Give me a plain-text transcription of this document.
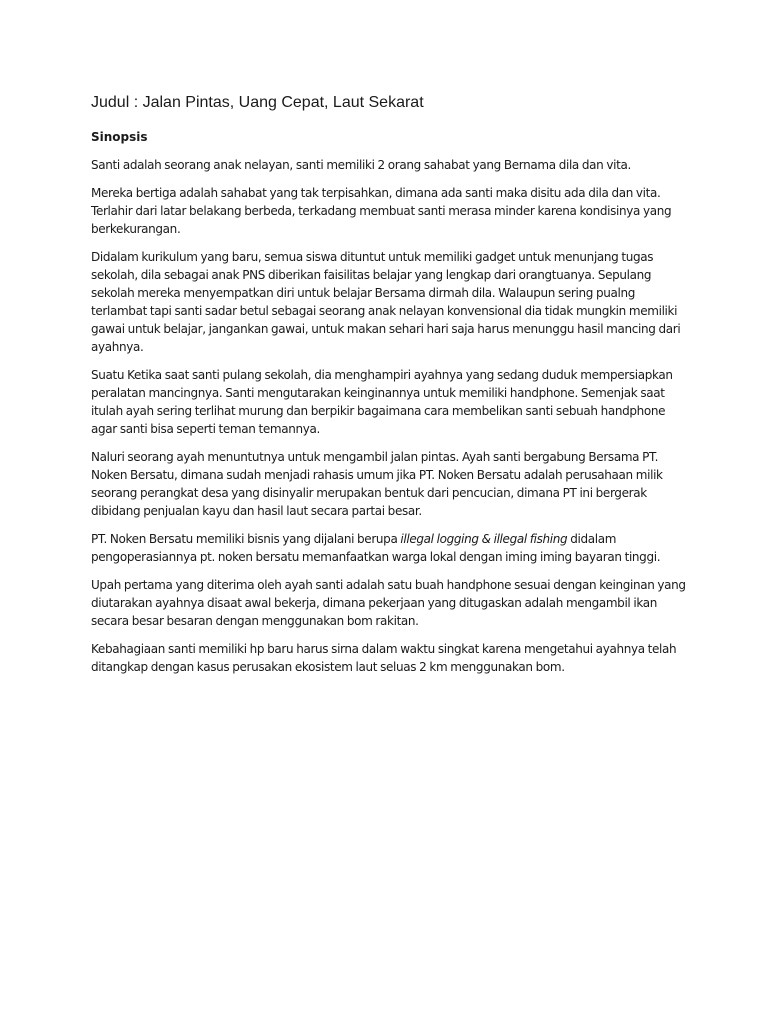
Judul : Jalan Pintas, Uang Cepat, Laut Sekarat
Sinopsis

Santi adalah seorang anak nelayan, santi memiliki 2 orang sahabat yang Bernama dila dan vita.

Mereka bertiga adalah sahabat yang tak terpisahkan, dimana ada santi maka disitu ada dila dan vita. Terlahir dari latar belakang berbeda, terkadang membuat santi merasa minder karena kondisinya yang berkekurangan.

Didalam kurikulum yang baru, semua siswa dituntut untuk memiliki gadget untuk menunjang tugas sekolah, dila sebagai anak PNS diberikan faisilitas belajar yang lengkap dari orangtuanya. Sepulang sekolah mereka menyempatkan diri untuk belajar Bersama dirmah dila. Walaupun sering pualng terlambat tapi santi sadar betul sebagai seorang anak nelayan konvensional dia tidak mungkin memiliki gawai untuk belajar, jangankan gawai, untuk makan sehari hari saja harus menunggu hasil mancing dari ayahnya.

Suatu Ketika saat santi pulang sekolah, dia menghampiri ayahnya yang sedang duduk mempersiapkan peralatan mancingnya. Santi mengutarakan keinginannya untuk memiliki handphone. Semenjak saat itulah ayah sering terlihat murung dan berpikir bagaimana cara membelikan santi sebuah handphone agar santi bisa seperti teman temannya.

Naluri seorang ayah menuntutnya untuk mengambil jalan pintas. Ayah santi bergabung Bersama PT. Noken Bersatu, dimana sudah menjadi rahasis umum jika PT. Noken Bersatu adalah perusahaan milik seorang perangkat desa yang disinyalir merupakan bentuk dari pencucian, dimana PT ini bergerak dibidang penjualan kayu dan hasil laut secara partai besar.

PT. Noken Bersatu memiliki bisnis yang dijalani berupa illegal logging & illegal fishing didalam pengoperasiannya pt. noken bersatu memanfaatkan warga lokal dengan iming iming bayaran tinggi.

Upah pertama yang diterima oleh ayah santi adalah satu buah handphone sesuai dengan keinginan yang diutarakan ayahnya disaat awal bekerja, dimana pekerjaan yang ditugaskan adalah mengambil ikan secara besar besaran dengan menggunakan bom rakitan.

Kebahagiaan santi memiliki hp baru harus sirna dalam waktu singkat karena mengetahui ayahnya telah ditangkap dengan kasus perusakan ekosistem laut seluas 2 km menggunakan bom.
